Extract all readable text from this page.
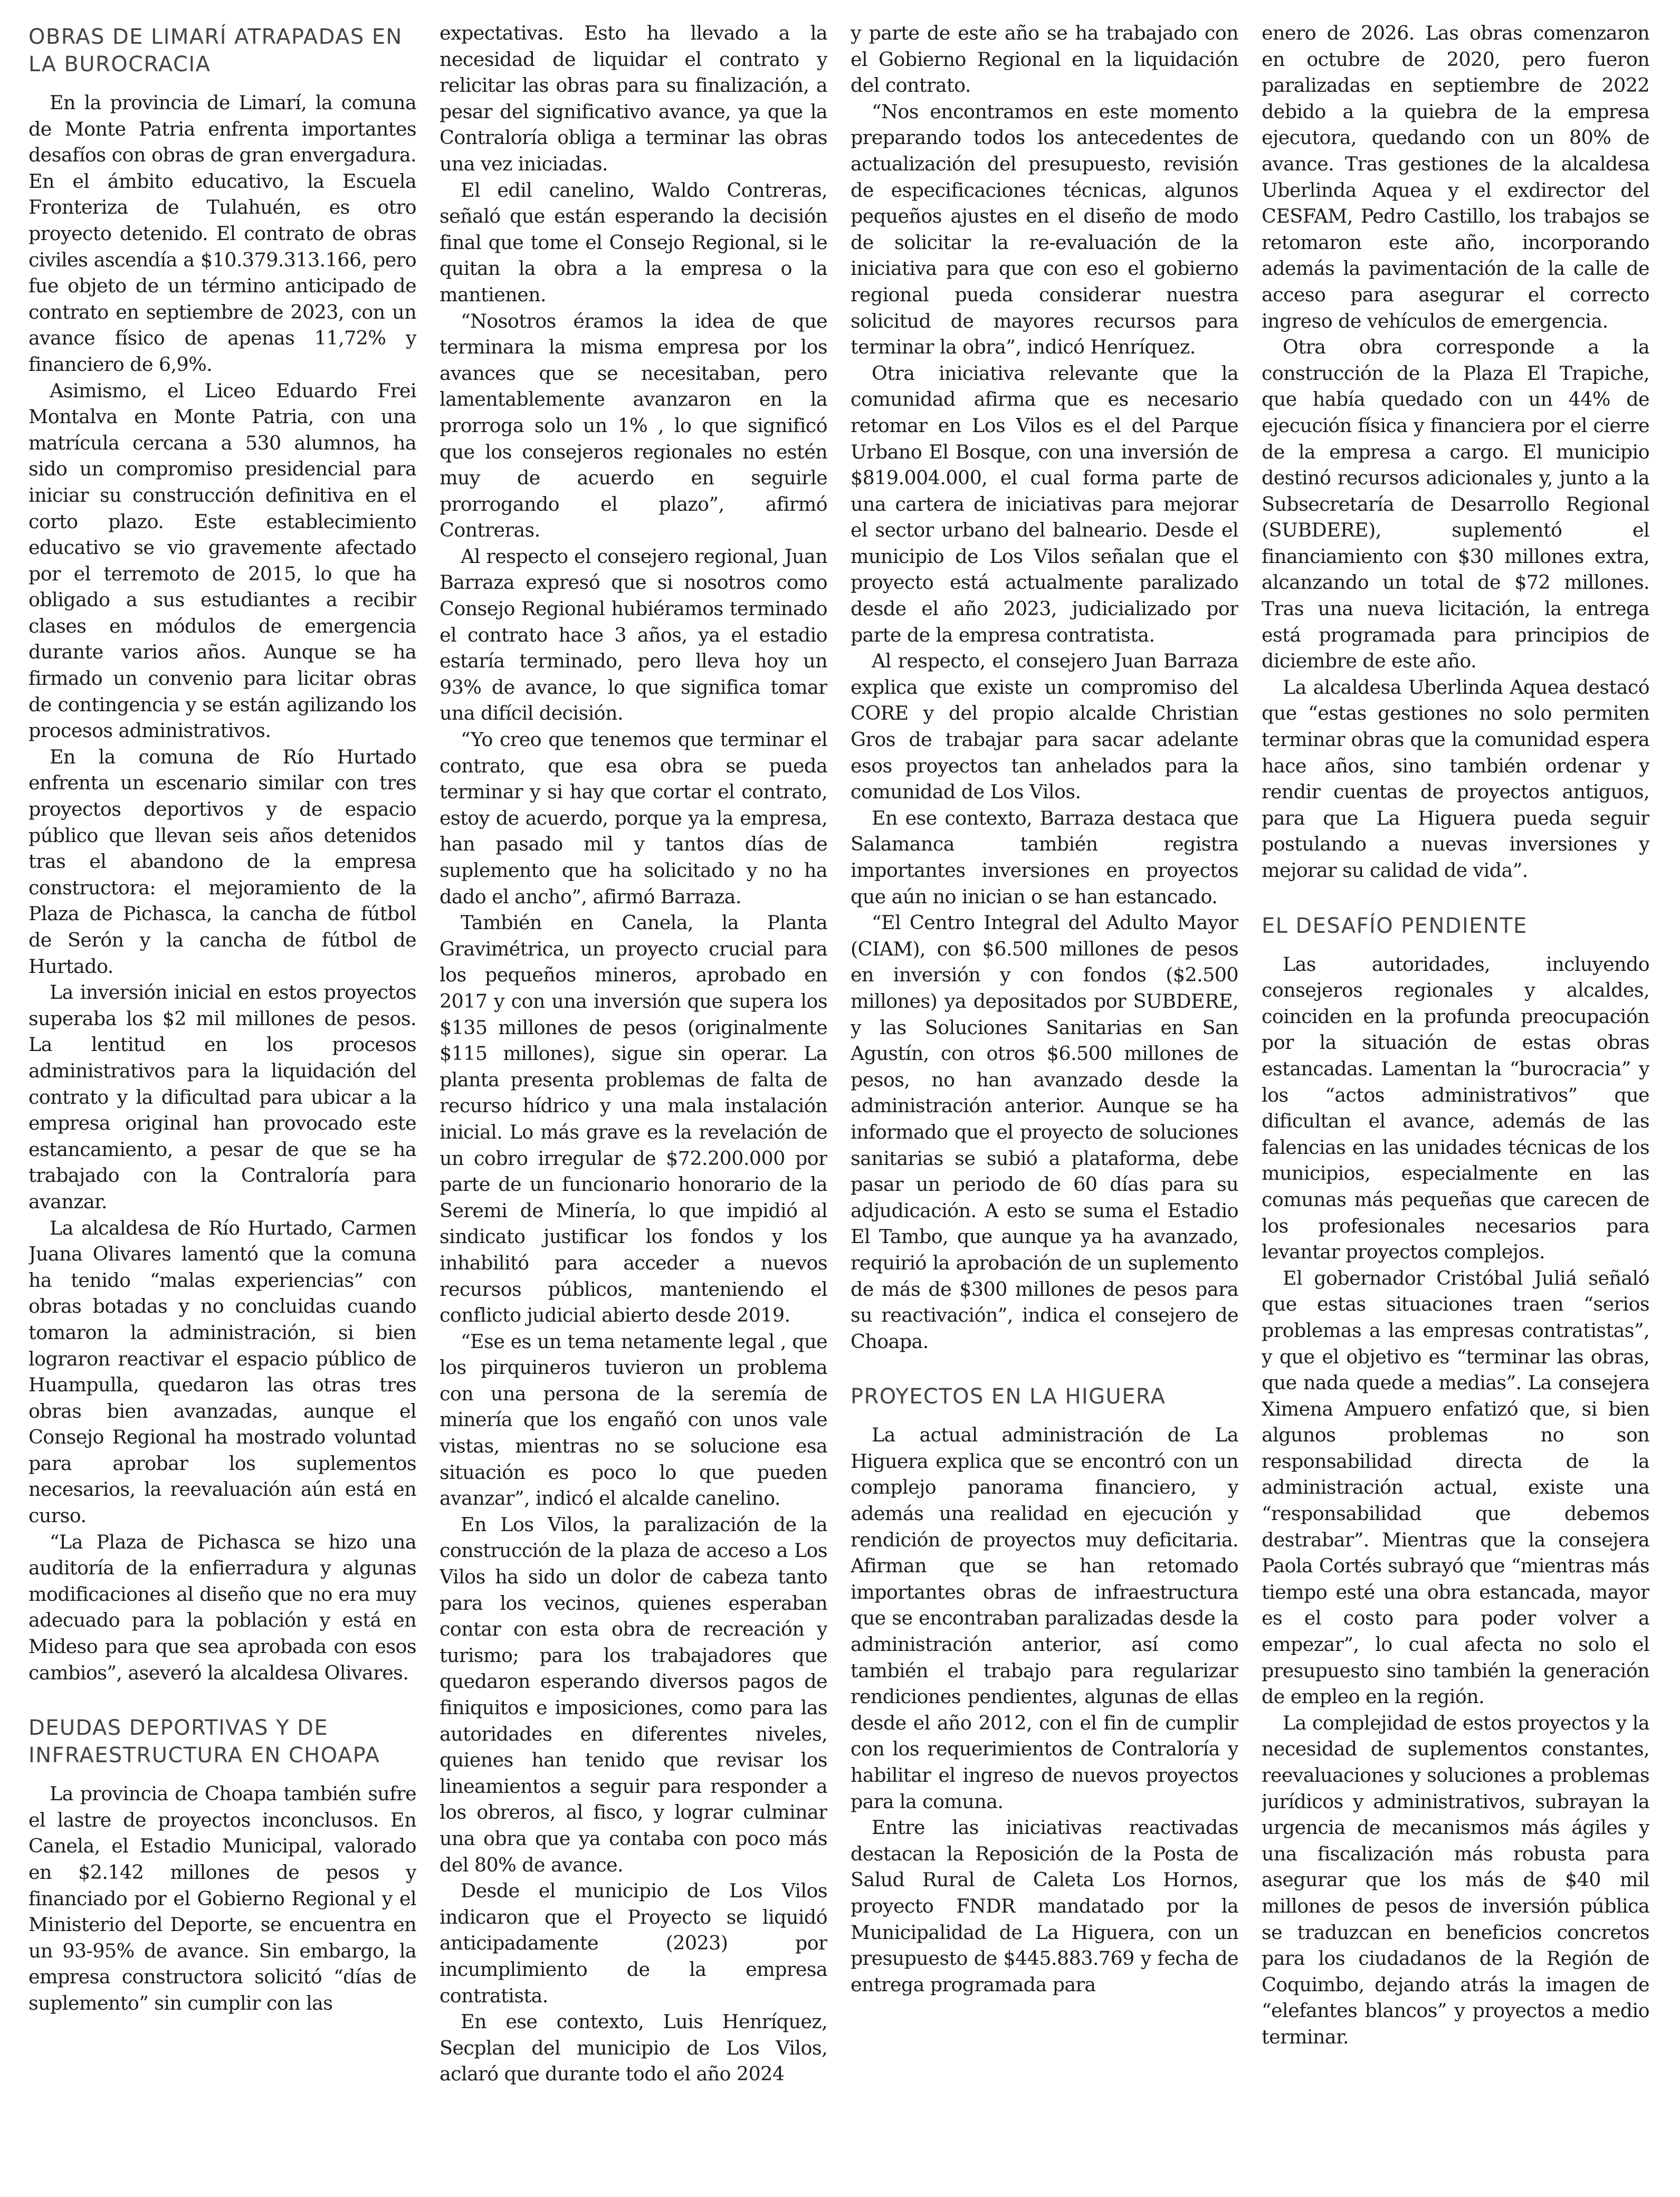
OBRAS DE LIMARÍ ATRAPADAS EN LA BUROCRACIA

En la provincia de Limarí, la comuna de Monte Patria enfrenta importantes desafíos con obras de gran envergadura. En el ámbito educativo, la Escuela Fronteriza de Tulahuén, es otro proyecto detenido. El contrato de obras civiles ascendía a $10.379.313.166, pero fue objeto de un término anticipado de contrato en septiembre de 2023, con un avance físico de apenas 11,72% y financiero de 6,9%.

Asimismo, el Liceo Eduardo Frei Montalva en Monte Patria, con una matrícula cercana a 530 alumnos, ha sido un compromiso presidencial para iniciar su construcción definitiva en el corto plazo. Este establecimiento educativo se vio gravemente afectado por el terremoto de 2015, lo que ha obligado a sus estudiantes a recibir clases en módulos de emergencia durante varios años. Aunque se ha firmado un convenio para licitar obras de contingencia y se están agilizando los procesos administrativos.

En la comuna de Río Hurtado enfrenta un escenario similar con tres proyectos deportivos y de espacio público que llevan seis años detenidos tras el abandono de la empresa constructora: el mejoramiento de la Plaza de Pichasca, la cancha de fútbol de Serón y la cancha de fútbol de Hurtado.

La inversión inicial en estos proyectos superaba los $2 mil millones de pesos. La lentitud en los procesos administrativos para la liquidación del contrato y la dificultad para ubicar a la empresa original han provocado este estancamiento, a pesar de que se ha trabajado con la Contraloría para avanzar.

La alcaldesa de Río Hurtado, Carmen Juana Olivares lamentó que la comuna ha tenido “malas experiencias” con obras botadas y no concluidas cuando tomaron la administración, si bien lograron reactivar el espacio público de Huampulla, quedaron las otras tres obras bien avanzadas, aunque el Consejo Regional ha mostrado voluntad para aprobar los suplementos necesarios, la reevaluación aún está en curso.

“La Plaza de Pichasca se hizo una auditoría de la enfierradura y algunas modificaciones al diseño que no era muy adecuado para la población y está en Mideso para que sea aprobada con esos cambios”, aseveró la alcaldesa Olivares.

DEUDAS DEPORTIVAS Y DE INFRAESTRUCTURA EN CHOAPA

La provincia de Choapa también sufre el lastre de proyectos inconclusos. En Canela, el Estadio Municipal, valorado en $2.142 millones de pesos y financiado por el Gobierno Regional y el Ministerio del Deporte, se encuentra en un 93-95% de avance. Sin embargo, la empresa constructora solicitó “días de suplemento” sin cumplir con las

expectativas. Esto ha llevado a la necesidad de liquidar el contrato y relicitar las obras para su finalización, a pesar del significativo avance, ya que la Contraloría obliga a terminar las obras una vez iniciadas.

El edil canelino, Waldo Contreras, señaló que están esperando la decisión final que tome el Consejo Regional, si le quitan la obra a la empresa o la mantienen.

“Nosotros éramos la idea de que terminara la misma empresa por los avances que se necesitaban, pero lamentablemente avanzaron en la prorroga solo un 1% , lo que significó que los consejeros regionales no estén muy de acuerdo en seguirle prorrogando el plazo”, afirmó Contreras.

Al respecto el consejero regional, Juan Barraza expresó que si nosotros como Consejo Regional hubiéramos terminado el contrato hace 3 años, ya el estadio estaría terminado, pero lleva hoy un 93% de avance, lo que significa tomar una difícil decisión.

“Yo creo que tenemos que terminar el contrato, que esa obra se pueda terminar y si hay que cortar el contrato, estoy de acuerdo, porque ya la empresa, han pasado mil y tantos días de suplemento que ha solicitado y no ha dado el ancho”, afirmó Barraza.

También en Canela, la Planta Gravimétrica, un proyecto crucial para los pequeños mineros, aprobado en 2017 y con una inversión que supera los $135 millones de pesos (originalmente $115 millones), sigue sin operar. La planta presenta problemas de falta de recurso hídrico y una mala instalación inicial. Lo más grave es la revelación de un cobro irregular de $72.200.000 por parte de un funcionario honorario de la Seremi de Minería, lo que impidió al sindicato justificar los fondos y los inhabilitó para acceder a nuevos recursos públicos, manteniendo el conflicto judicial abierto desde 2019.

“Ese es un tema netamente legal , que los pirquineros tuvieron un problema con una persona de la seremía de minería que los engañó con unos vale vistas, mientras no se solucione esa situación es poco lo que pueden avanzar”, indicó el alcalde canelino.

En Los Vilos, la paralización de la construcción de la plaza de acceso a Los Vilos ha sido un dolor de cabeza tanto para los vecinos, quienes esperaban contar con esta obra de recreación y turismo; para los trabajadores que quedaron esperando diversos pagos de finiquitos e imposiciones, como para las autoridades en diferentes niveles, quienes han tenido que revisar los lineamientos a seguir para responder a los obreros, al fisco, y lograr culminar una obra que ya contaba con poco más del 80% de avance.

Desde el municipio de Los Vilos indicaron que el Proyecto se liquidó anticipadamente (2023) por incumplimiento de la empresa contratista.

En ese contexto, Luis Henríquez, Secplan del municipio de Los Vilos, aclaró que durante todo el año 2024

y parte de este año se ha trabajado con el Gobierno Regional en la liquidación del contrato.

“Nos encontramos en este momento preparando todos los antecedentes de actualización del presupuesto, revisión de especificaciones técnicas, algunos pequeños ajustes en el diseño de modo de solicitar la re-evaluación de la iniciativa para que con eso el gobierno regional pueda considerar nuestra solicitud de mayores recursos para terminar la obra”, indicó Henríquez.

Otra iniciativa relevante que la comunidad afirma que es necesario retomar en Los Vilos es el del Parque Urbano El Bosque, con una inversión de $819.004.000, el cual forma parte de una cartera de iniciativas para mejorar el sector urbano del balneario. Desde el municipio de Los Vilos señalan que el proyecto está actualmente paralizado desde el año 2023, judicializado por parte de la empresa contratista.

Al respecto, el consejero Juan Barraza explica que existe un compromiso del CORE y del propio alcalde Christian Gros de trabajar para sacar adelante esos proyectos tan anhelados para la comunidad de Los Vilos.

En ese contexto, Barraza destaca que Salamanca también registra importantes inversiones en proyectos que aún no inician o se han estancado.

“El Centro Integral del Adulto Mayor (CIAM), con $6.500 millones de pesos en inversión y con fondos ($2.500 millones) ya depositados por SUBDERE, y las Soluciones Sanitarias en San Agustín, con otros $6.500 millones de pesos, no han avanzado desde la administración anterior. Aunque se ha informado que el proyecto de soluciones sanitarias se subió a plataforma, debe pasar un periodo de 60 días para su adjudicación. A esto se suma el Estadio El Tambo, que aunque ya ha avanzado, requirió la aprobación de un suplemento de más de $300 millones de pesos para su reactivación”, indica el consejero de Choapa.

PROYECTOS EN LA HIGUERA

La actual administración de La Higuera explica que se encontró con un complejo panorama financiero, y además una realidad en ejecución y rendición de proyectos muy deficitaria. Afirman que se han retomado importantes obras de infraestructura que se encontraban paralizadas desde la administración anterior, así como también el trabajo para regularizar rendiciones pendientes, algunas de ellas desde el año 2012, con el fin de cumplir con los requerimientos de Contraloría y habilitar el ingreso de nuevos proyectos para la comuna.

Entre las iniciativas reactivadas destacan la Reposición de la Posta de Salud Rural de Caleta Los Hornos, proyecto FNDR mandatado por la Municipalidad de La Higuera, con un presupuesto de $445.883.769 y fecha de entrega programada para

enero de 2026. Las obras comenzaron en octubre de 2020, pero fueron paralizadas en septiembre de 2022 debido a la quiebra de la empresa ejecutora, quedando con un 80% de avance. Tras gestiones de la alcaldesa Uberlinda Aquea y el exdirector del CESFAM, Pedro Castillo, los trabajos se retomaron este año, incorporando además la pavimentación de la calle de acceso para asegurar el correcto ingreso de vehículos de emergencia.

Otra obra corresponde a la construcción de la Plaza El Trapiche, que había quedado con un 44% de ejecución física y financiera por el cierre de la empresa a cargo. El municipio destinó recursos adicionales y, junto a la Subsecretaría de Desarrollo Regional (SUBDERE), suplementó el financiamiento con $30 millones extra, alcanzando un total de $72 millones. Tras una nueva licitación, la entrega está programada para principios de diciembre de este año.

La alcaldesa Uberlinda Aquea destacó que “estas gestiones no solo permiten terminar obras que la comunidad espera hace años, sino también ordenar y rendir cuentas de proyectos antiguos, para que La Higuera pueda seguir postulando a nuevas inversiones y mejorar su calidad de vida”.

EL DESAFÍO PENDIENTE

Las autoridades, incluyendo consejeros regionales y alcaldes, coinciden en la profunda preocupación por la situación de estas obras estancadas. Lamentan la “burocracia” y los “actos administrativos” que dificultan el avance, además de las falencias en las unidades técnicas de los municipios, especialmente en las comunas más pequeñas que carecen de los profesionales necesarios para levantar proyectos complejos.

El gobernador Cristóbal Juliá señaló que estas situaciones traen “serios problemas a las empresas contratistas”, y que el objetivo es “terminar las obras, que nada quede a medias”. La consejera Ximena Ampuero enfatizó que, si bien algunos problemas no son responsabilidad directa de la administración actual, existe una “responsabilidad que debemos destrabar”. Mientras que la consejera Paola Cortés subrayó que “mientras más tiempo esté una obra estancada, mayor es el costo para poder volver a empezar”, lo cual afecta no solo el presupuesto sino también la generación de empleo en la región.

La complejidad de estos proyectos y la necesidad de suplementos constantes, reevaluaciones y soluciones a problemas jurídicos y administrativos, subrayan la urgencia de mecanismos más ágiles y una fiscalización más robusta para asegurar que los más de $40 mil millones de pesos de inversión pública se traduzcan en beneficios concretos para los ciudadanos de la Región de Coquimbo, dejando atrás la imagen de “elefantes blancos” y proyectos a medio terminar.
